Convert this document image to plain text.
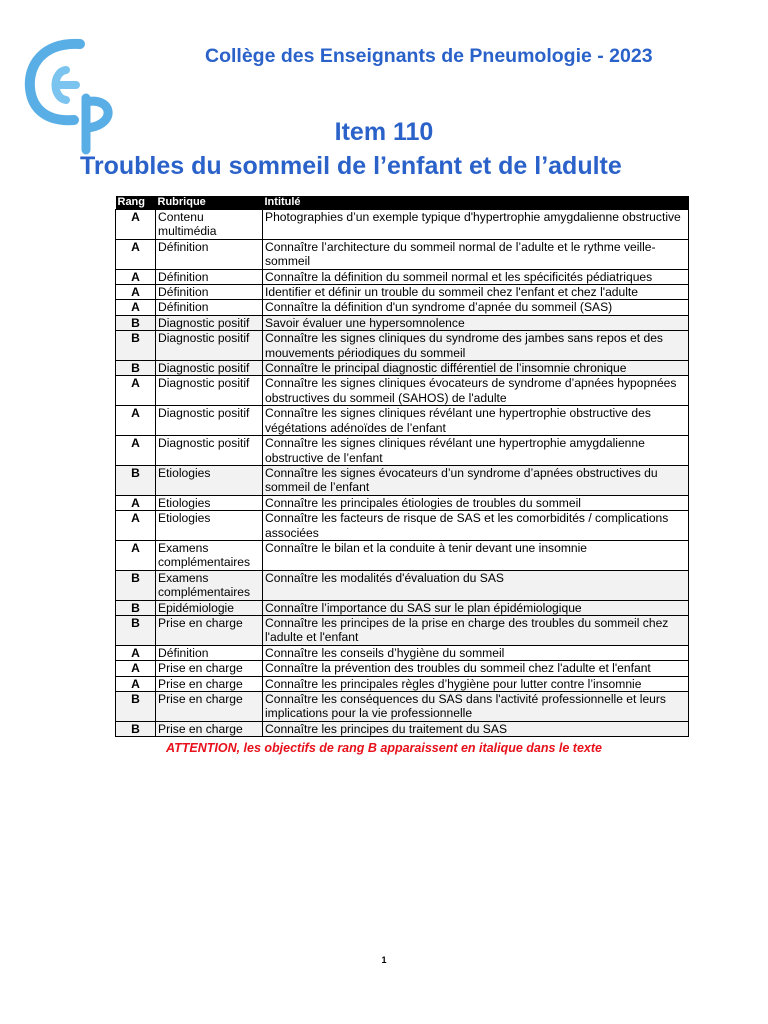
Collège des Enseignants de Pneumologie - 2023
Item 110
Troubles du sommeil de l’enfant et de l’adulte
Rang	Rubrique	Intitulé
A	Contenu multimédia	Photographies d’un exemple typique d'hypertrophie amygdalienne obstructive
A	Définition	Connaître l’architecture du sommeil normal de l’adulte et le rythme veille-sommeil
A	Définition	Connaître la définition du sommeil normal et les spécificités pédiatriques
A	Définition	Identifier et définir un trouble du sommeil chez l'enfant et chez l'adulte
A	Définition	Connaître la définition d'un syndrome d’apnée du sommeil (SAS)
B	Diagnostic positif	Savoir évaluer une hypersomnolence
B	Diagnostic positif	Connaître les signes cliniques du syndrome des jambes sans repos et des mouvements périodiques du sommeil
B	Diagnostic positif	Connaître le principal diagnostic différentiel de l’insomnie chronique
A	Diagnostic positif	Connaître les signes cliniques évocateurs de syndrome d’apnées hypopnées obstructives du sommeil (SAHOS) de l'adulte
A	Diagnostic positif	Connaître les signes cliniques révélant une hypertrophie obstructive des végétations adénoïdes de l’enfant
A	Diagnostic positif	Connaître les signes cliniques révélant une hypertrophie amygdalienne obstructive de l’enfant
B	Etiologies	Connaître les signes évocateurs d’un syndrome d’apnées obstructives du sommeil de l’enfant
A	Etiologies	Connaître les principales étiologies de troubles du sommeil
A	Etiologies	Connaître les facteurs de risque de SAS et les comorbidités / complications associées
A	Examens complémentaires	Connaître le bilan et la conduite à tenir devant une insomnie
B	Examens complémentaires	Connaître les modalités d'évaluation du SAS
B	Epidémiologie	Connaître l’importance du SAS sur le plan épidémiologique
B	Prise en charge	Connaître les principes de la prise en charge des troubles du sommeil chez l'adulte et l'enfant
A	Définition	Connaître les conseils d’hygiène du sommeil
A	Prise en charge	Connaître la prévention des troubles du sommeil chez l'adulte et l'enfant
A	Prise en charge	Connaître les principales règles d’hygiène pour lutter contre l’insomnie
B	Prise en charge	Connaître les conséquences du SAS dans l'activité professionnelle et leurs implications pour la vie professionnelle
B	Prise en charge	Connaître les principes du traitement du SAS
ATTENTION, les objectifs de rang B apparaissent en italique dans le texte
1
